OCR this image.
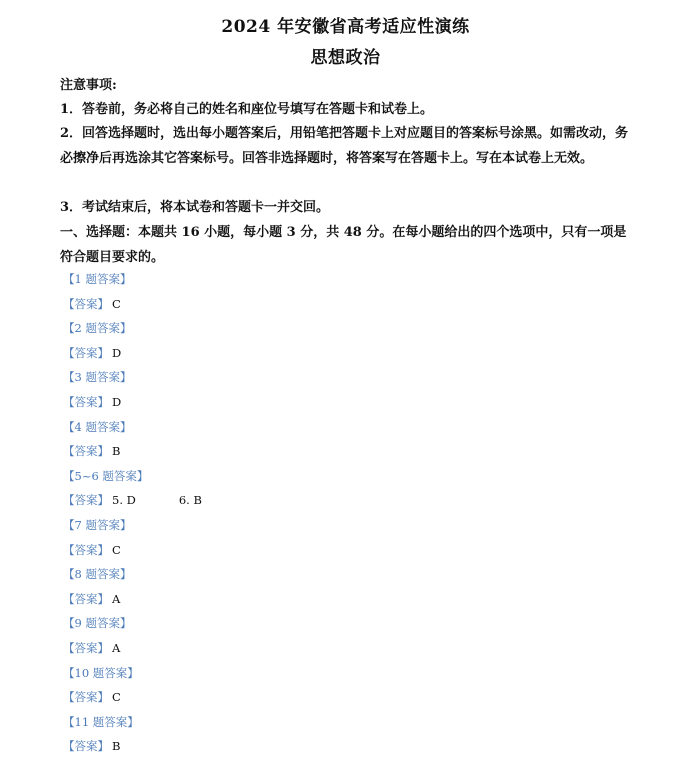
2024 年安徽省高考适应性演练
思想政治
注意事项:
1．答卷前，务必将自己的姓名和座位号填写在答题卡和试卷上。
2．回答选择题时，选出每小题答案后，用铅笔把答题卡上对应题目的答案标号涂黑。如需改动，务必擦净后再选涂其它答案标号。回答非选择题时，将答案写在答题卡上。写在本试卷上无效。
3．考试结束后，将本试卷和答题卡一并交回。
一、选择题：本题共 16 小题，每小题 3 分，共 48 分。在每小题给出的四个选项中，只有一项是符合题目要求的。
【1 题答案】
【答案】 C
【2 题答案】
【答案】 D
【3 题答案】
【答案】 D
【4 题答案】
【答案】 B
【5~6 题答案】
【答案】 5. D	6. B
【7 题答案】
【答案】 C
【8 题答案】
【答案】 A
【9 题答案】
【答案】 A
【10 题答案】
【答案】 C
【11 题答案】
【答案】 B
